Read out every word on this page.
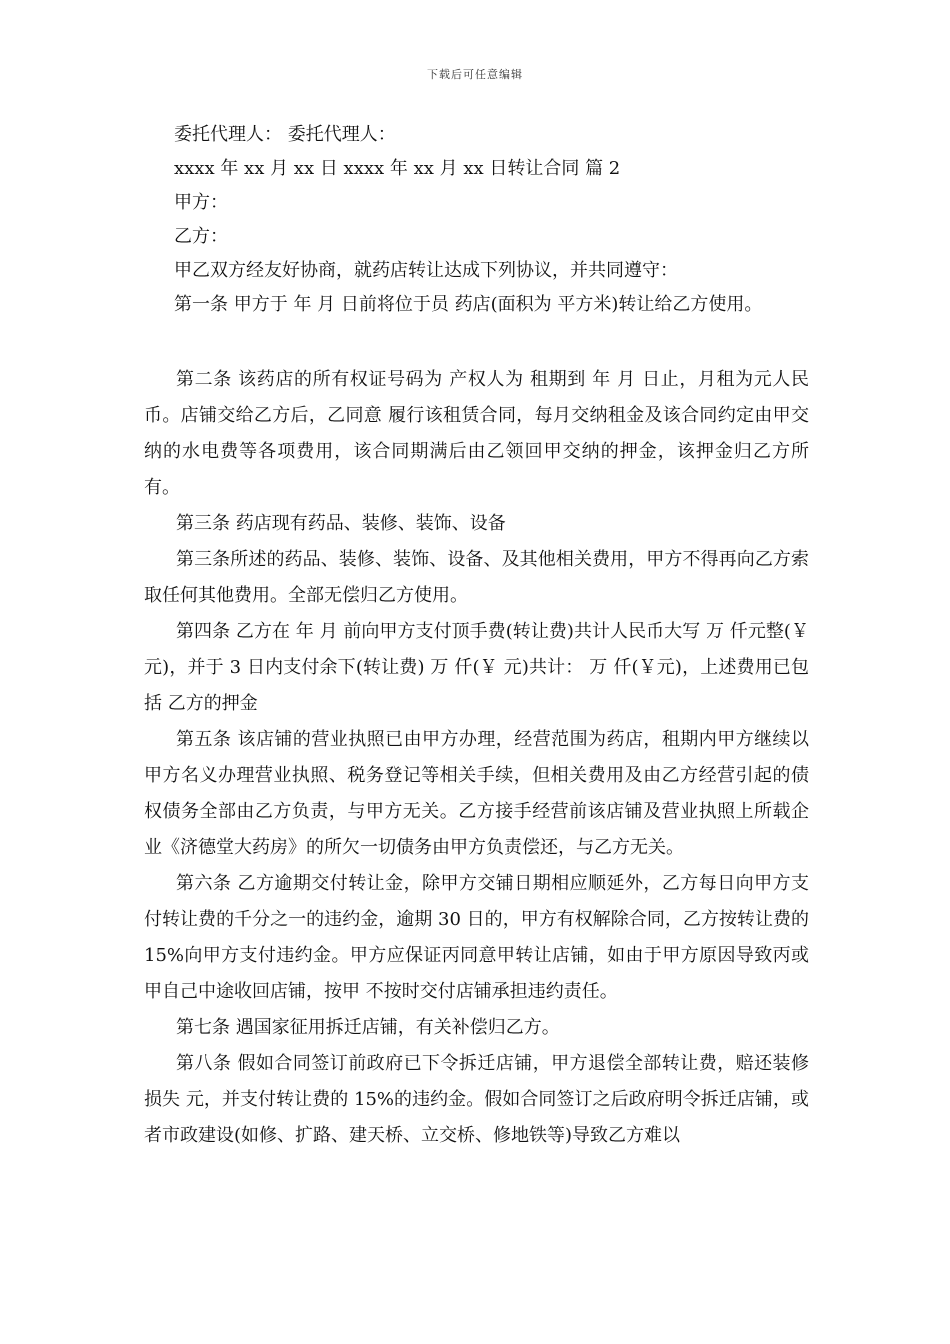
下载后可任意编辑

委托代理人： 委托代理人：

xxxx 年 xx 月 xx 日 xxxx 年 xx 月 xx 日转让合同 篇 2

甲方：

乙方：

甲乙双方经友好协商，就药店转让达成下列协议，并共同遵守：

第一条 甲方于 年 月 日前将位于员 药店(面积为 平方米)转让给乙方使用。

第二条 该药店的所有权证号码为 产权人为 租期到 年 月 日止，月租为元人民币。店铺交给乙方后，乙同意 履行该租赁合同，每月交纳租金及该合同约定由甲交纳的水电费等各项费用，该合同期满后由乙领回甲交纳的押金，该押金归乙方所有。

第三条 药店现有药品、装修、装饰、设备

第三条所述的药品、装修、装饰、设备、及其他相关费用，甲方不得再向乙方索取任何其他费用。全部无偿归乙方使用。

第四条 乙方在 年 月 前向甲方支付顶手费(转让费)共计人民币大写 万 仟元整(￥ 元)，并于 3 日内支付余下(转让费) 万 仟(￥ 元)共计： 万 仟(￥元)，上述费用已包括 乙方的押金

第五条 该店铺的营业执照已由甲方办理，经营范围为药店，租期内甲方继续以甲方名义办理营业执照、税务登记等相关手续，但相关费用及由乙方经营引起的债权债务全部由乙方负责，与甲方无关。乙方接手经营前该店铺及营业执照上所载企业《济德堂大药房》的所欠一切债务由甲方负责偿还，与乙方无关。

第六条 乙方逾期交付转让金，除甲方交铺日期相应顺延外，乙方每日向甲方支付转让费的千分之一的违约金，逾期 30 日的，甲方有权解除合同，乙方按转让费的 15%向甲方支付违约金。甲方应保证丙同意甲转让店铺，如由于甲方原因导致丙或甲自己中途收回店铺，按甲 不按时交付店铺承担违约责任。

第七条 遇国家征用拆迁店铺，有关补偿归乙方。

第八条 假如合同签订前政府已下令拆迁店铺，甲方退偿全部转让费，赔还装修损失 元，并支付转让费的 15%的违约金。假如合同签订之后政府明令拆迁店铺，或者市政建设(如修、扩路、建天桥、立交桥、修地铁等)导致乙方难以
